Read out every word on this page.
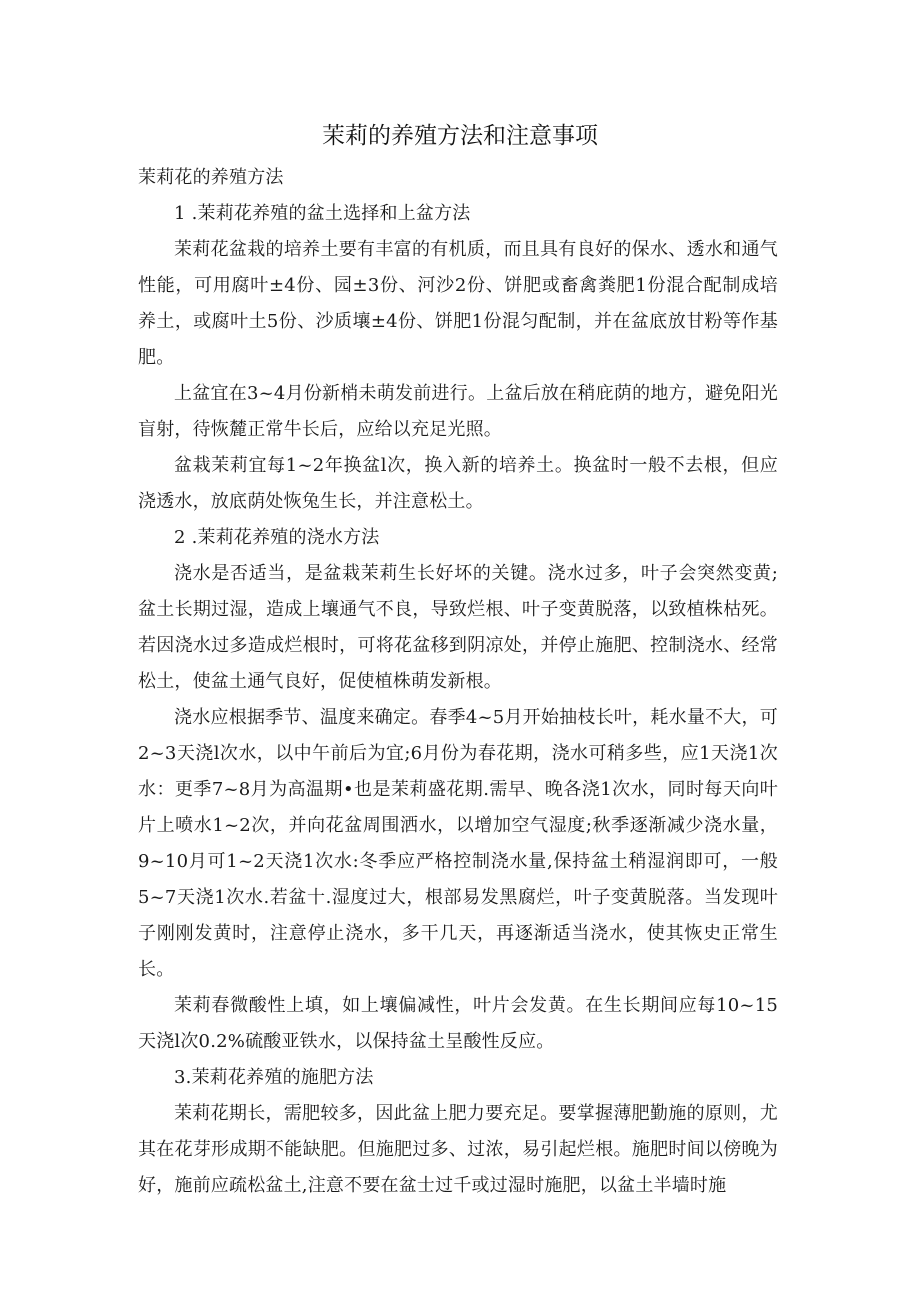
茉莉的养殖方法和注意事项

茉莉花的养殖方法

1 .茉莉花养殖的盆土选择和上盆方法

茉莉花盆栽的培养土要有丰富的有机质，而且具有良好的保水、透水和通气性能，可用腐叶±4份、园±3份、河沙2份、饼肥或畜禽粪肥1份混合配制成培养土，或腐叶土5份、沙质壤±4份、饼肥1份混匀配制，并在盆底放甘粉等作基肥。

上盆宜在3~4月份新梢未萌发前进行。上盆后放在稍庇荫的地方，避免阳光盲射，待恢麓正常牛长后，应给以充足光照。

盆栽茉莉宜每1~2年换盆l次，换入新的培养土。换盆时一般不去根，但应浇透水，放底荫处恢兔生长，并注意松土。

2 .茉莉花养殖的浇水方法

浇水是否适当，是盆栽茉莉生长好坏的关键。浇水过多，叶子会突然变黄;盆土长期过湿，造成上壤通气不良，导致烂根、叶子变黄脱落，以致植株枯死。若因浇水过多造成烂根时，可将花盆移到阴凉处，并停止施肥、控制浇水、经常松土，使盆土通气良好，促使植株萌发新根。

浇水应根据季节、温度来确定。春季4~5月开始抽枝长叶，耗水量不大，可2~3天浇l次水，以中午前后为宜;6月份为春花期，浇水可稍多些，应1天浇1次水：更季7~8月为高温期•也是茉莉盛花期.需早、晚各浇1次水，同时每天向叶片上喷水1~2次，并向花盆周围洒水，以增加空气湿度;秋季逐渐减少浇水量，9~10月可1~2天浇1次水:冬季应严格控制浇水量,保持盆土稍湿润即可，一般5~7天浇1次水.若盆十.湿度过大，根部易发黑腐烂，叶子变黄脱落。当发现叶子刚刚发黄时，注意停止浇水，多干几天，再逐渐适当浇水，使其恢史正常生长。

茉莉春微酸性上填，如上壤偏减性，叶片会发黄。在生长期间应每10~15天浇l次0.2%硫酸亚铁水，以保持盆土呈酸性反应。

3.茉莉花养殖的施肥方法

茉莉花期长，需肥较多，因此盆上肥力要充足。要掌握薄肥勤施的原则，尤其在花芽形成期不能缺肥。但施肥过多、过浓，易引起烂根。施肥时间以傍晚为好，施前应疏松盆土,注意不要在盆士过千或过湿时施肥，以盆土半墙时施
